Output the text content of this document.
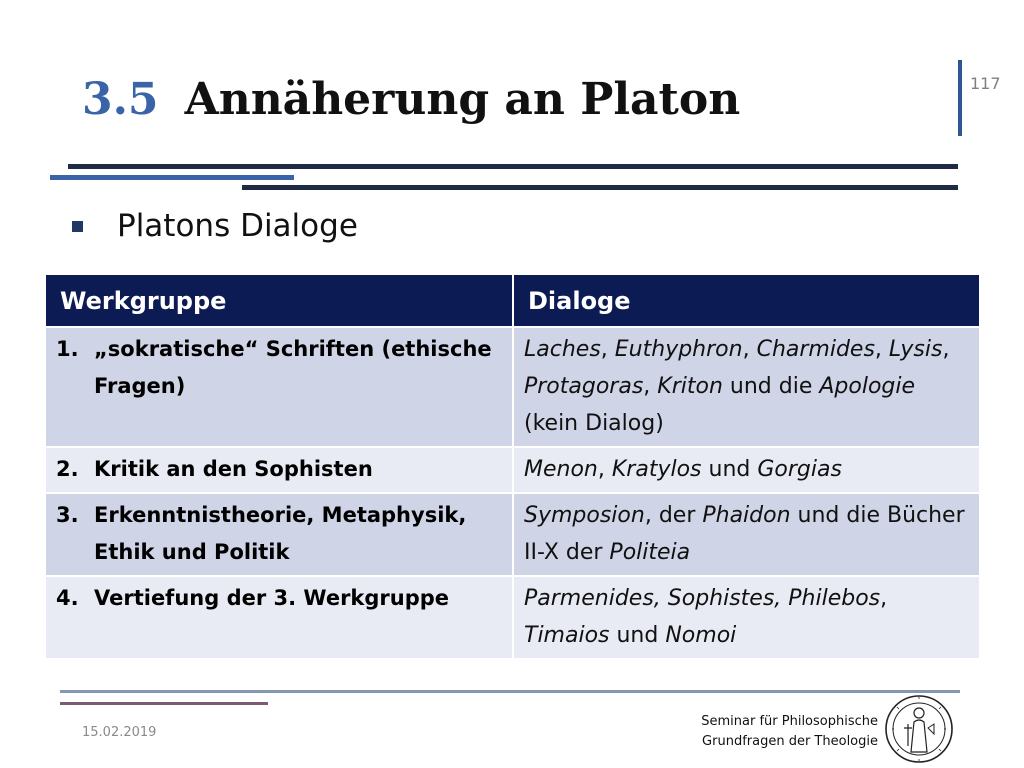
3.5 Annäherung an Platon	117
Platons Dialoge
Werkgruppe	Dialoge

1. „sokratische“ Schriften (ethische Fragen)	Laches, Euthyphron, Charmides, Lysis, Protagoras, Kriton und die Apologie (kein Dialog)

2. Kritik an den Sophisten	Menon, Kratylos und Gorgias

3. Erkenntnistheorie, Metaphysik, Ethik und Politik	Symposion, der Phaidon und die Bücher II-X der Politeia

4. Vertiefung der 3. Werkgruppe	Parmenides, Sophistes, Philebos, Timaios und Nomoi
15.02.2019
Seminar für Philosophische
Grundfragen der Theologie
